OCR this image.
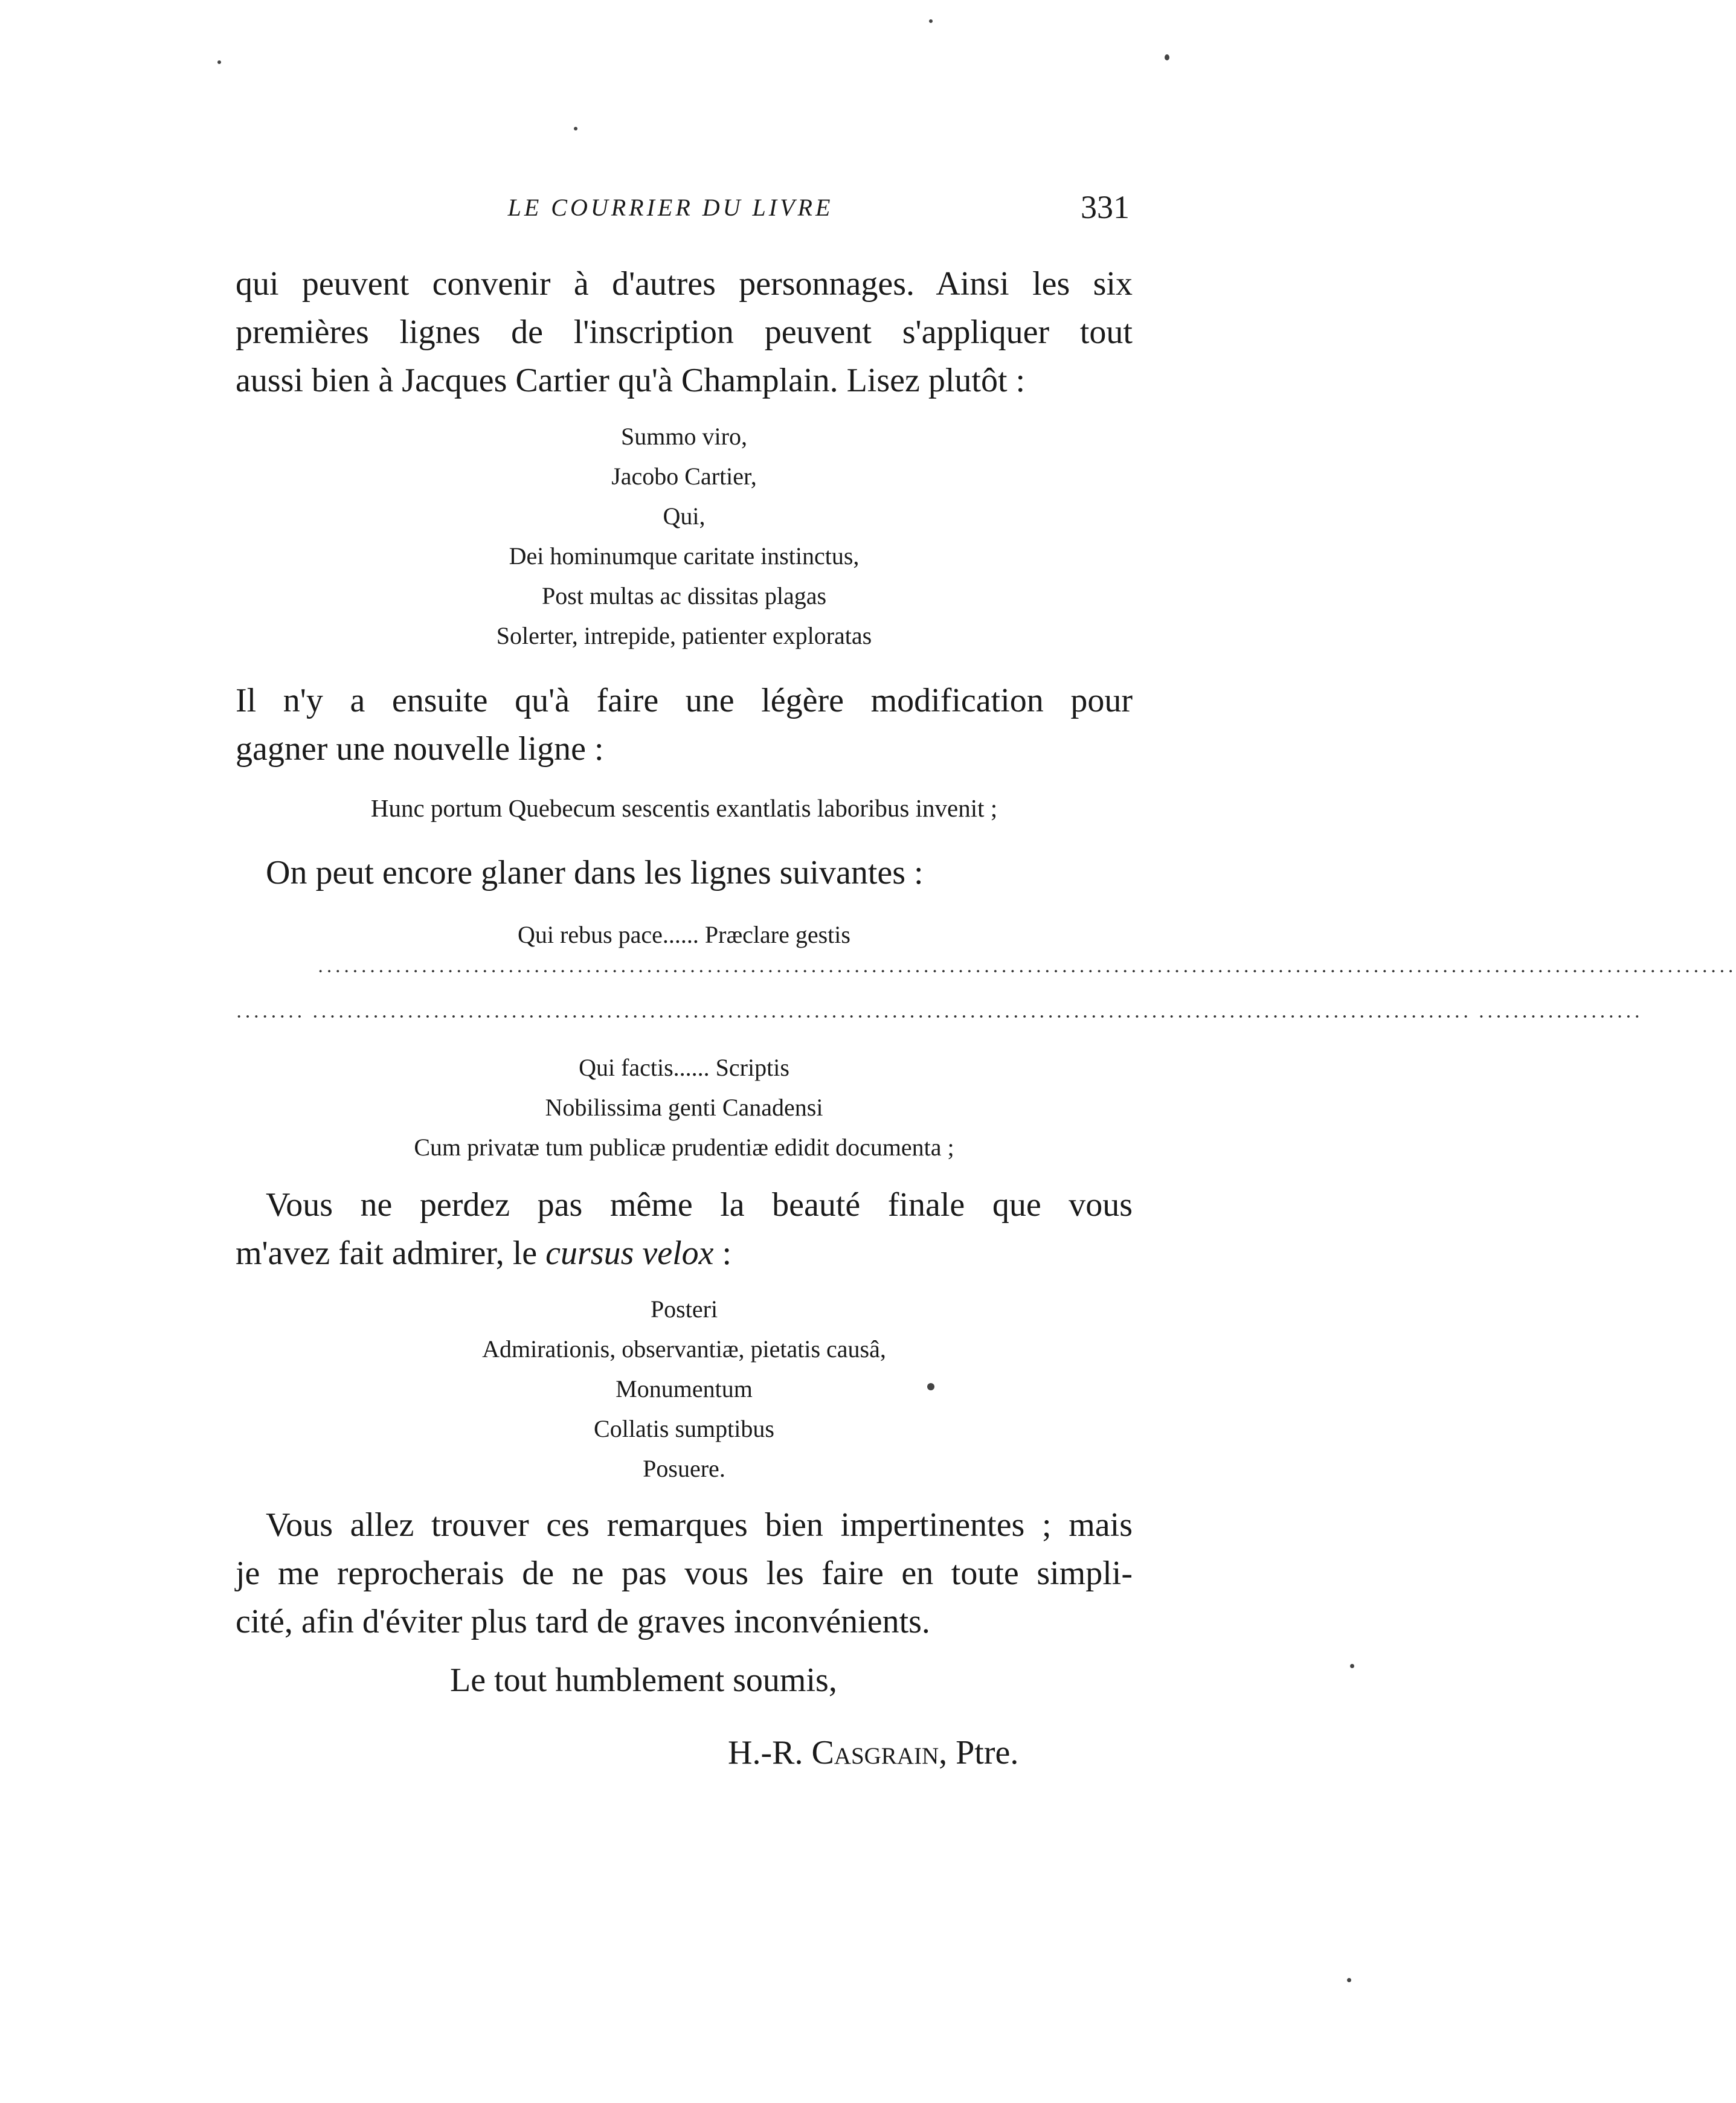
LE COURRIER DU LIVRE	331

qui peuvent convenir à d'autres personnages. Ainsi les six
premières lignes de l'inscription peuvent s'appliquer tout
aussi bien à Jacques Cartier qu'à Champlain. Lisez plutôt :

Summo viro,
Jacobo Cartier,
Qui,
Dei hominumque caritate instinctus,
Post multas ac dissitas plagas
Solerter, intrepide, patienter exploratas

Il n'y a ensuite qu'à faire une légère modification pour
gagner une nouvelle ligne :

Hunc portum Quebecum sescentis exantlatis laboribus invenit ;

On peut encore glaner dans les lignes suivantes :

Qui rebus pace...... Præclare gestis
····································································································································································
········ ······································································································································ ···················
Qui factis...... Scriptis
Nobilissima genti Canadensi
Cum privatæ tum publicæ prudentiæ edidit documenta ;

Vous ne perdez pas même la beauté finale que vous
m'avez fait admirer, le cursus velox :

Posteri
Admirationis, observantiæ, pietatis causâ,
Monumentum
Collatis sumptibus
Posuere.

Vous allez trouver ces remarques bien impertinentes ; mais
je me reprocherais de ne pas vous les faire en toute simpli-
cité, afin d'éviter plus tard de graves inconvénients.

Le tout humblement soumis,
H.-R. Casgrain, Ptre.
